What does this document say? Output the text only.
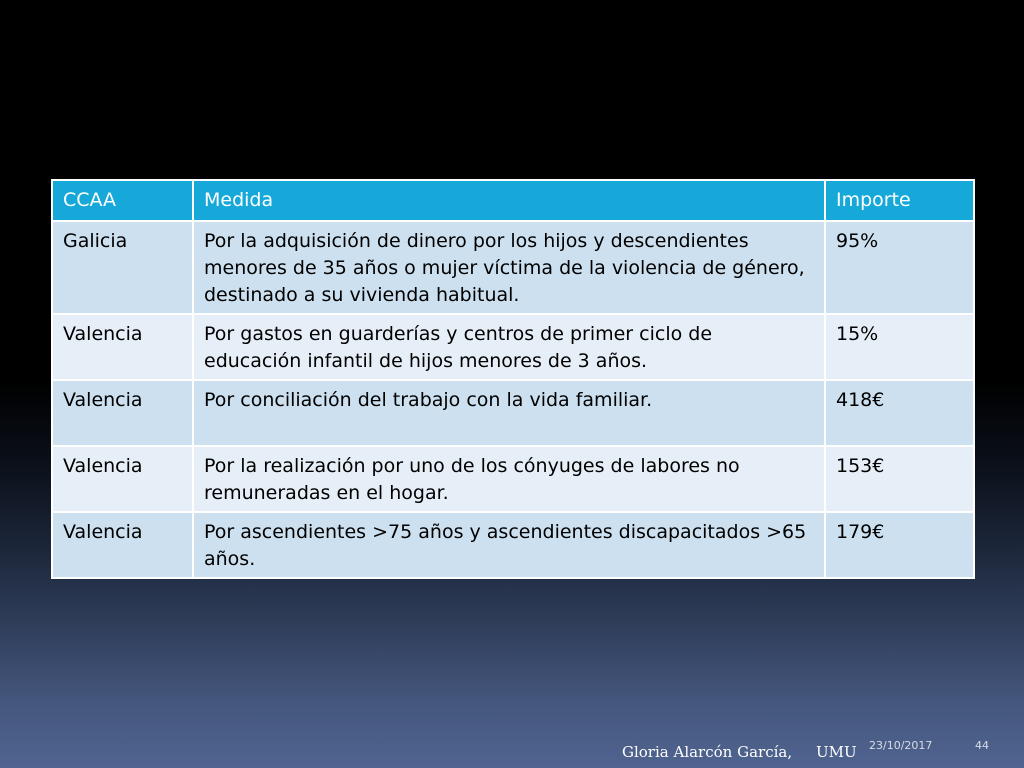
CCAA	Medida	Importe
Galicia	Por la adquisición de dinero por los hijos y descendientes menores de 35 años o mujer víctima de la violencia de género, destinado a su vivienda habitual.	95%
Valencia	Por gastos en guarderías y centros de primer ciclo de educación infantil de hijos menores de 3 años.	15%
Valencia	Por conciliación del trabajo con la vida familiar.	418€
Valencia	Por la realización por uno de los cónyuges de labores no remuneradas en el hogar.	153€
Valencia	Por ascendientes >75 años y ascendientes discapacitados >65 años.	179€
Gloria Alarcón García,     UMU 23/10/2017	44
